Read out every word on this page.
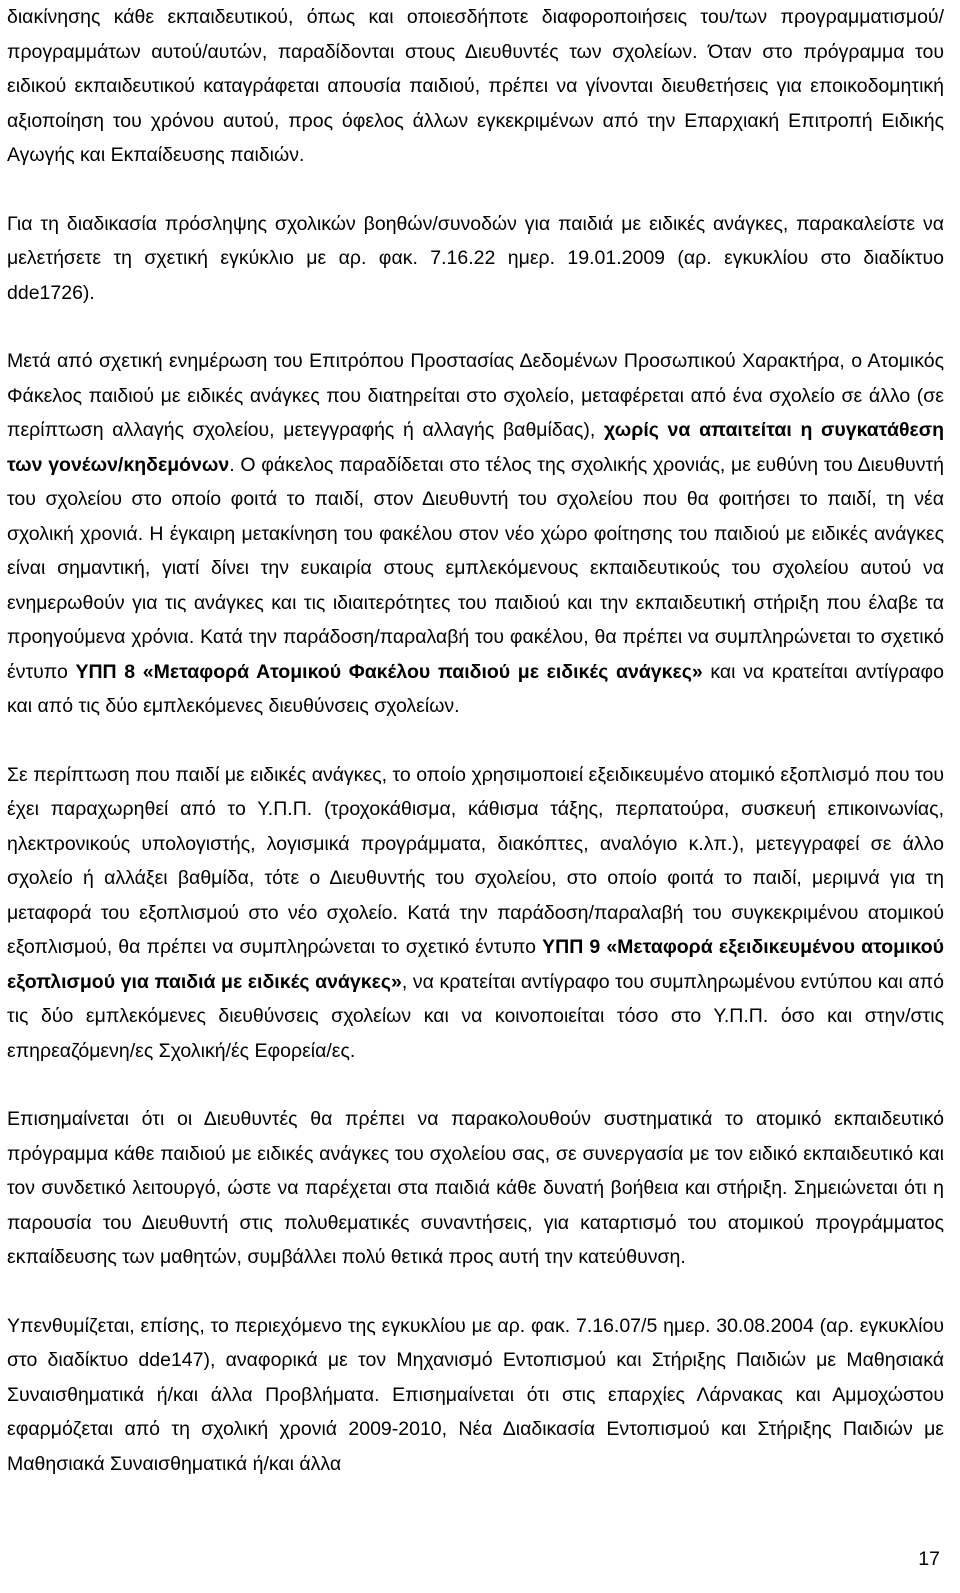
διακίνησης κάθε εκπαιδευτικού, όπως και οποιεσδήποτε διαφοροποιήσεις του/των προγραμματισμού/προγραμμάτων αυτού/αυτών, παραδίδονται στους Διευθυντές των σχολείων. Όταν στο πρόγραμμα του ειδικού εκπαιδευτικού καταγράφεται απουσία παιδιού, πρέπει να γίνονται διευθετήσεις για εποικοδομητική αξιοποίηση του χρόνου αυτού, προς όφελος άλλων εγκεκριμένων από την Επαρχιακή Επιτροπή Ειδικής Αγωγής και Εκπαίδευσης παιδιών.

Για τη διαδικασία πρόσληψης σχολικών βοηθών/συνοδών για παιδιά με ειδικές ανάγκες, παρακαλείστε να μελετήσετε τη σχετική εγκύκλιο με αρ. φακ. 7.16.22 ημερ. 19.01.2009 (αρ. εγκυκλίου στο διαδίκτυο dde1726).

Μετά από σχετική ενημέρωση του Επιτρόπου Προστασίας Δεδομένων Προσωπικού Χαρακτήρα, ο Ατομικός Φάκελος παιδιού με ειδικές ανάγκες που διατηρείται στο σχολείο, μεταφέρεται από ένα σχολείο σε άλλο (σε περίπτωση αλλαγής σχολείου, μετεγγραφής ή αλλαγής βαθμίδας), χωρίς να απαιτείται η συγκατάθεση των γονέων/κηδεμόνων. Ο φάκελος παραδίδεται στο τέλος της σχολικής χρονιάς, με ευθύνη του Διευθυντή του σχολείου στο οποίο φοιτά το παιδί, στον Διευθυντή του σχολείου που θα φοιτήσει το παιδί, τη νέα σχολική χρονιά. Η έγκαιρη μετακίνηση του φακέλου στον νέο χώρο φοίτησης του παιδιού με ειδικές ανάγκες είναι σημαντική, γιατί δίνει την ευκαιρία στους εμπλεκόμενους εκπαιδευτικούς του σχολείου αυτού να ενημερωθούν για τις ανάγκες και τις ιδιαιτερότητες του παιδιού και την εκπαιδευτική στήριξη που έλαβε τα προηγούμενα χρόνια. Κατά την παράδοση/παραλαβή του φακέλου, θα πρέπει να συμπληρώνεται το σχετικό έντυπο ΥΠΠ 8 «Μεταφορά Ατομικού Φακέλου παιδιού με ειδικές ανάγκες» και να κρατείται αντίγραφο και από τις δύο εμπλεκόμενες διευθύνσεις σχολείων.

Σε περίπτωση που παιδί με ειδικές ανάγκες, το οποίο χρησιμοποιεί εξειδικευμένο ατομικό εξοπλισμό που του έχει παραχωρηθεί από το Υ.Π.Π. (τροχοκάθισμα, κάθισμα τάξης, περπατούρα, συσκευή επικοινωνίας, ηλεκτρονικούς υπολογιστής, λογισμικά προγράμματα, διακόπτες, αναλόγιο κ.λπ.), μετεγγραφεί σε άλλο σχολείο ή αλλάξει βαθμίδα, τότε ο Διευθυντής του σχολείου, στο οποίο φοιτά το παιδί, μεριμνά για τη μεταφορά του εξοπλισμού στο νέο σχολείο. Κατά την παράδοση/παραλαβή του συγκεκριμένου ατομικού εξοπλισμού, θα πρέπει να συμπληρώνεται το σχετικό έντυπο ΥΠΠ 9 «Μεταφορά εξειδικευμένου ατομικού εξοπλισμού για παιδιά με ειδικές ανάγκες», να κρατείται αντίγραφο του συμπληρωμένου εντύπου και από τις δύο εμπλεκόμενες διευθύνσεις σχολείων και να κοινοποιείται τόσο στο Υ.Π.Π. όσο και στην/στις επηρεαζόμενη/ες Σχολική/ές Εφορεία/ες.

Επισημαίνεται ότι οι Διευθυντές θα πρέπει να παρακολουθούν συστηματικά το ατομικό εκπαιδευτικό πρόγραμμα κάθε παιδιού με ειδικές ανάγκες του σχολείου σας, σε συνεργασία με τον ειδικό εκπαιδευτικό και τον συνδετικό λειτουργό, ώστε να παρέχεται στα παιδιά κάθε δυνατή βοήθεια και στήριξη. Σημειώνεται ότι η παρουσία του Διευθυντή στις πολυθεματικές συναντήσεις, για καταρτισμό του ατομικού προγράμματος εκπαίδευσης των μαθητών, συμβάλλει πολύ θετικά προς αυτή την κατεύθυνση.

Υπενθυμίζεται, επίσης, το περιεχόμενο της εγκυκλίου με αρ. φακ. 7.16.07/5 ημερ. 30.08.2004 (αρ. εγκυκλίου στο διαδίκτυο dde147), αναφορικά με τον Μηχανισμό Εντοπισμού και Στήριξης Παιδιών με Μαθησιακά Συναισθηματικά ή/και άλλα Προβλήματα. Επισημαίνεται ότι στις επαρχίες Λάρνακας και Αμμοχώστου εφαρμόζεται από τη σχολική χρονιά 2009-2010, Νέα Διαδικασία Εντοπισμού και Στήριξης Παιδιών με Μαθησιακά Συναισθηματικά ή/και άλλα

17
